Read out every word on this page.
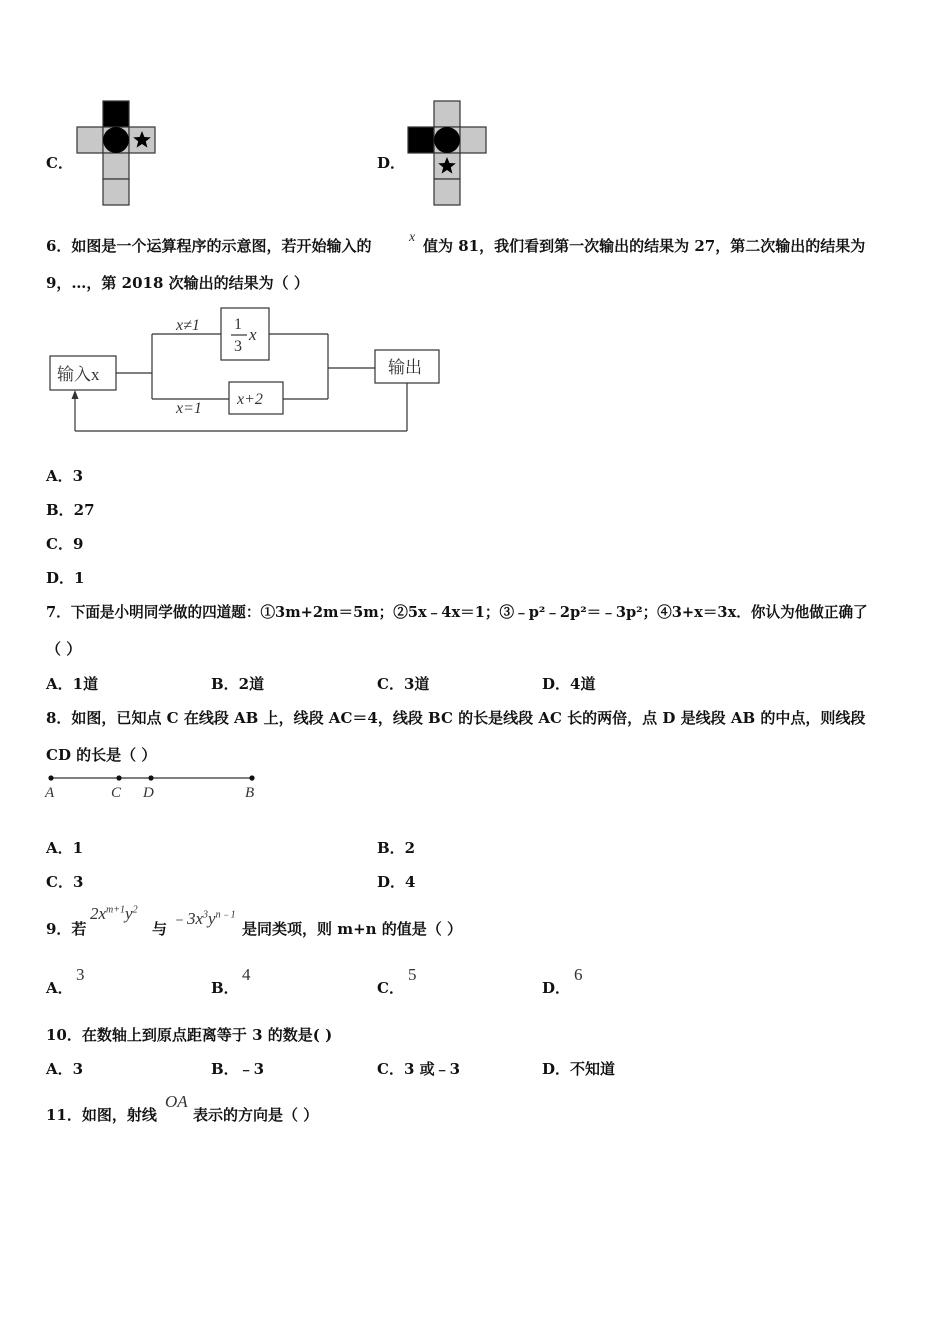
C．	D．
6．如图是一个运算程序的示意图，若开始输入的	x 值为 81，我们看到第一次输出的结果为 27，第二次输出的结果为
9，…，第 2018 次输出的结果为（ ）
输入x	输出
x≠1
x=1
1
3
x
x+2
A．3
B．27
C．9
D．1
7．下面是小明同学做的四道题：①3m+2m＝5m；②5x﹣4x＝1；③﹣p²﹣2p²＝﹣3p²；④3+x＝3x．你认为他做正确了
（ ）
A．1道	B．2道	C．3道	D．4道
8．如图，已知点 C 在线段 AB 上，线段 AC＝4，线段 BC 的长是线段 AC 长的两倍，点 D 是线段 AB 的中点，则线段
CD 的长是（ ）
A	C D	B
A．1	B．2
C．3	D．4
9．若
$2x^{m+1}y^2$
与
$﹣3x^3y^{n﹣1}$
是同类项，则 m+n 的值是（ ）
A．
3
B．
4
C．
5
D．
6
10．在数轴上到原点距离等于 3 的数是( )
A．3	B．﹣3	C．3 或﹣3	D．不知道
11．如图，射线
OA
表示的方向是（ ）
